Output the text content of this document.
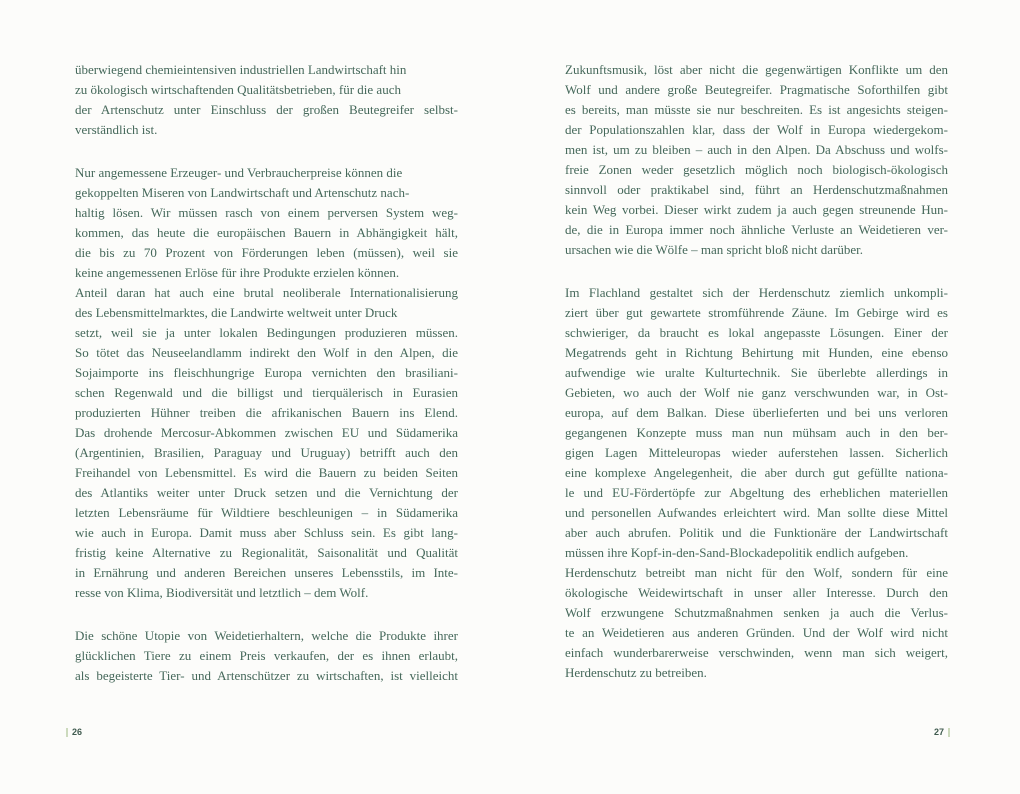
überwiegend chemieintensiven industriellen Landwirtschaft hin
zu ökologisch wirtschaftenden Qualitätsbetrieben, für die auch
der Artenschutz unter Einschluss der großen Beutegreifer selbst-
verständlich ist.
Nur angemessene Erzeuger- und Verbraucherpreise können die
gekoppelten Miseren von Landwirtschaft und Artenschutz nach-
haltig lösen. Wir müssen rasch von einem perversen System weg-
kommen, das heute die europäischen Bauern in Abhängigkeit hält,
die bis zu 70 Prozent von Förderungen leben (müssen), weil sie
keine angemessenen Erlöse für ihre Produkte erzielen können.
Anteil daran hat auch eine brutal neoliberale Internationalisierung
des Lebensmittelmarktes, die Landwirte weltweit unter Druck
setzt, weil sie ja unter lokalen Bedingungen produzieren müssen.
So tötet das Neuseelandlamm indirekt den Wolf in den Alpen, die
Sojaimporte ins fleischhungrige Europa vernichten den brasiliani-
schen Regenwald und die billigst und tierquälerisch in Eurasien
produzierten Hühner treiben die afrikanischen Bauern ins Elend.
Das drohende Mercosur-Abkommen zwischen EU und Südamerika
(Argentinien, Brasilien, Paraguay und Uruguay) betrifft auch den
Freihandel von Lebensmittel. Es wird die Bauern zu beiden Seiten
des Atlantiks weiter unter Druck setzen und die Vernichtung der
letzten Lebensräume für Wildtiere beschleunigen – in Südamerika
wie auch in Europa. Damit muss aber Schluss sein. Es gibt lang-
fristig keine Alternative zu Regionalität, Saisonalität und Qualität
in Ernährung und anderen Bereichen unseres Lebensstils, im Inte-
resse von Klima, Biodiversität und letztlich – dem Wolf.
Die schöne Utopie von Weidetierhaltern, welche die Produkte ihrer
glücklichen Tiere zu einem Preis verkaufen, der es ihnen erlaubt,
als begeisterte Tier- und Artenschützer zu wirtschaften, ist vielleicht
26
Zukunftsmusik, löst aber nicht die gegenwärtigen Konflikte um den
Wolf und andere große Beutegreifer. Pragmatische Soforthilfen gibt
es bereits, man müsste sie nur beschreiten. Es ist angesichts steigen-
der Populationszahlen klar, dass der Wolf in Europa wiedergekom-
men ist, um zu bleiben – auch in den Alpen. Da Abschuss und wolfs-
freie Zonen weder gesetzlich möglich noch biologisch-ökologisch
sinnvoll oder praktikabel sind, führt an Herdenschutzmaßnahmen
kein Weg vorbei. Dieser wirkt zudem ja auch gegen streunende Hun-
de, die in Europa immer noch ähnliche Verluste an Weidetieren ver-
ursachen wie die Wölfe – man spricht bloß nicht darüber.
Im Flachland gestaltet sich der Herdenschutz ziemlich unkompli-
ziert über gut gewartete stromführende Zäune. Im Gebirge wird es
schwieriger, da braucht es lokal angepasste Lösungen. Einer der
Megatrends geht in Richtung Behirtung mit Hunden, eine ebenso
aufwendige wie uralte Kulturtechnik. Sie überlebte allerdings in
Gebieten, wo auch der Wolf nie ganz verschwunden war, in Ost-
europa, auf dem Balkan. Diese überlieferten und bei uns verloren
gegangenen Konzepte muss man nun mühsam auch in den ber-
gigen Lagen Mitteleuropas wieder auferstehen lassen. Sicherlich
eine komplexe Angelegenheit, die aber durch gut gefüllte nationa-
le und EU-Fördertöpfe zur Abgeltung des erheblichen materiellen
und personellen Aufwandes erleichtert wird. Man sollte diese Mittel
aber auch abrufen. Politik und die Funktionäre der Landwirtschaft
müssen ihre Kopf-in-den-Sand-Blockadepolitik endlich aufgeben.
Herdenschutz betreibt man nicht für den Wolf, sondern für eine
ökologische Weidewirtschaft in unser aller Interesse. Durch den
Wolf erzwungene Schutzmaßnahmen senken ja auch die Verlus-
te an Weidetieren aus anderen Gründen. Und der Wolf wird nicht
einfach wunderbarerweise verschwinden, wenn man sich weigert,
Herdenschutz zu betreiben.
27
